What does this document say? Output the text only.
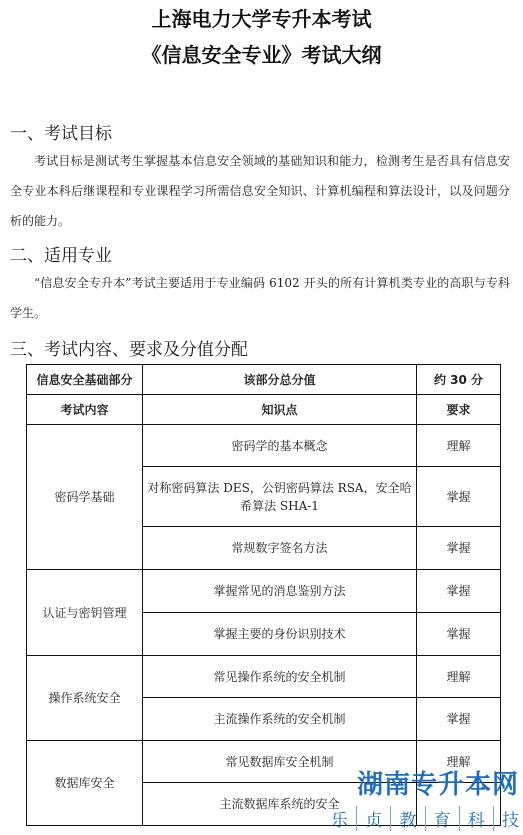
上海电力大学专升本考试
《信息安全专业》考试大纲
一、考试目标
考试目标是测试考生掌握基本信息安全领域的基础知识和能力，检测考生是否具有信息安全专业本科后继课程和专业课程学习所需信息安全知识、计算机编程和算法设计，以及问题分析的能力。
二、适用专业
“信息安全专升本”考试主要适用于专业编码 6102 开头的所有计算机类专业的高职与专科学生。
三、考试内容、要求及分值分配
信息安全基础部分	该部分总分值	约 30 分
考试内容	知识点	要求
密码学基础	密码学的基本概念	理解
	对称密码算法 DES，公钥密码算法 RSA，安全哈希算法 SHA-1	掌握
	常规数字签名方法	掌握
认证与密钥管理	掌握常见的消息鉴别方法	掌握
	掌握主要的身份识别技术	掌握
操作系统安全	常见操作系统的安全机制	理解
	主流操作系统的安全机制	掌握
数据库安全	常见数据库安全机制	理解
	主流数据库系统的安全	
湖南专升本网
乐	贞	教	育	科	技
